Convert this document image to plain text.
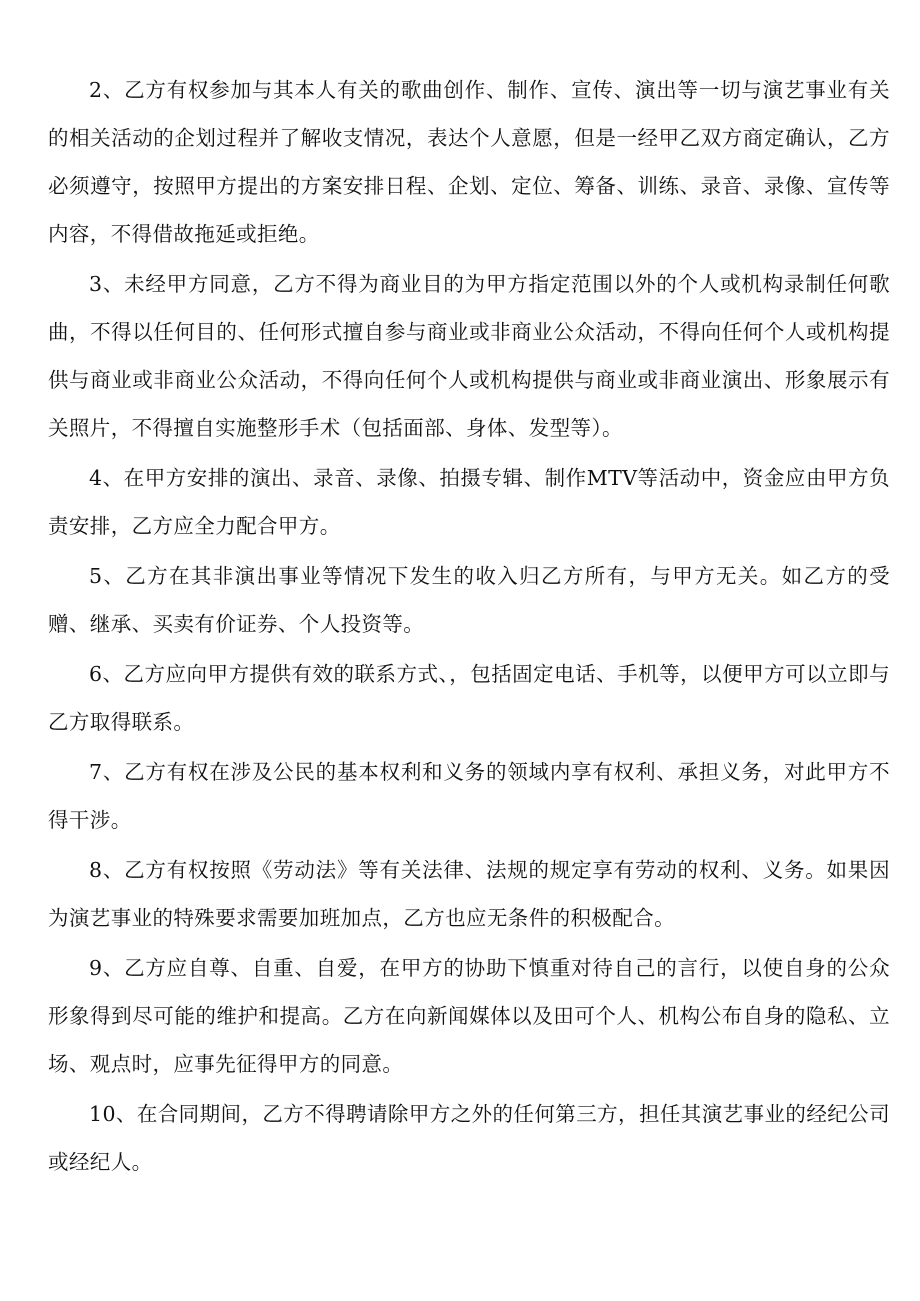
2、乙方有权参加与其本人有关的歌曲创作、制作、宣传、演出等一切与演艺事业有关的相关活动的企划过程并了解收支情况，表达个人意愿，但是一经甲乙双方商定确认，乙方必须遵守，按照甲方提出的方案安排日程、企划、定位、筹备、训练、录音、录像、宣传等内容，不得借故拖延或拒绝。

3、未经甲方同意，乙方不得为商业目的为甲方指定范围以外的个人或机构录制任何歌曲，不得以任何目的、任何形式擅自参与商业或非商业公众活动，不得向任何个人或机构提供与商业或非商业公众活动，不得向任何个人或机构提供与商业或非商业演出、形象展示有关照片，不得擅自实施整形手术（包括面部、身体、发型等）。

4、在甲方安排的演出、录音、录像、拍摄专辑、制作MTV等活动中，资金应由甲方负责安排，乙方应全力配合甲方。

5、乙方在其非演出事业等情况下发生的收入归乙方所有，与甲方无关。如乙方的受赠、继承、买卖有价证券、个人投资等。

6、乙方应向甲方提供有效的联系方式、，包括固定电话、手机等，以便甲方可以立即与乙方取得联系。

7、乙方有权在涉及公民的基本权利和义务的领域内享有权利、承担义务，对此甲方不得干涉。

8、乙方有权按照《劳动法》等有关法律、法规的规定享有劳动的权利、义务。如果因为演艺事业的特殊要求需要加班加点，乙方也应无条件的积极配合。

9、乙方应自尊、自重、自爱，在甲方的协助下慎重对待自己的言行，以使自身的公众形象得到尽可能的维护和提高。乙方在向新闻媒体以及田可个人、机构公布自身的隐私、立场、观点时，应事先征得甲方的同意。

10、在合同期间，乙方不得聘请除甲方之外的任何第三方，担任其演艺事业的经纪公司或经纪人。
